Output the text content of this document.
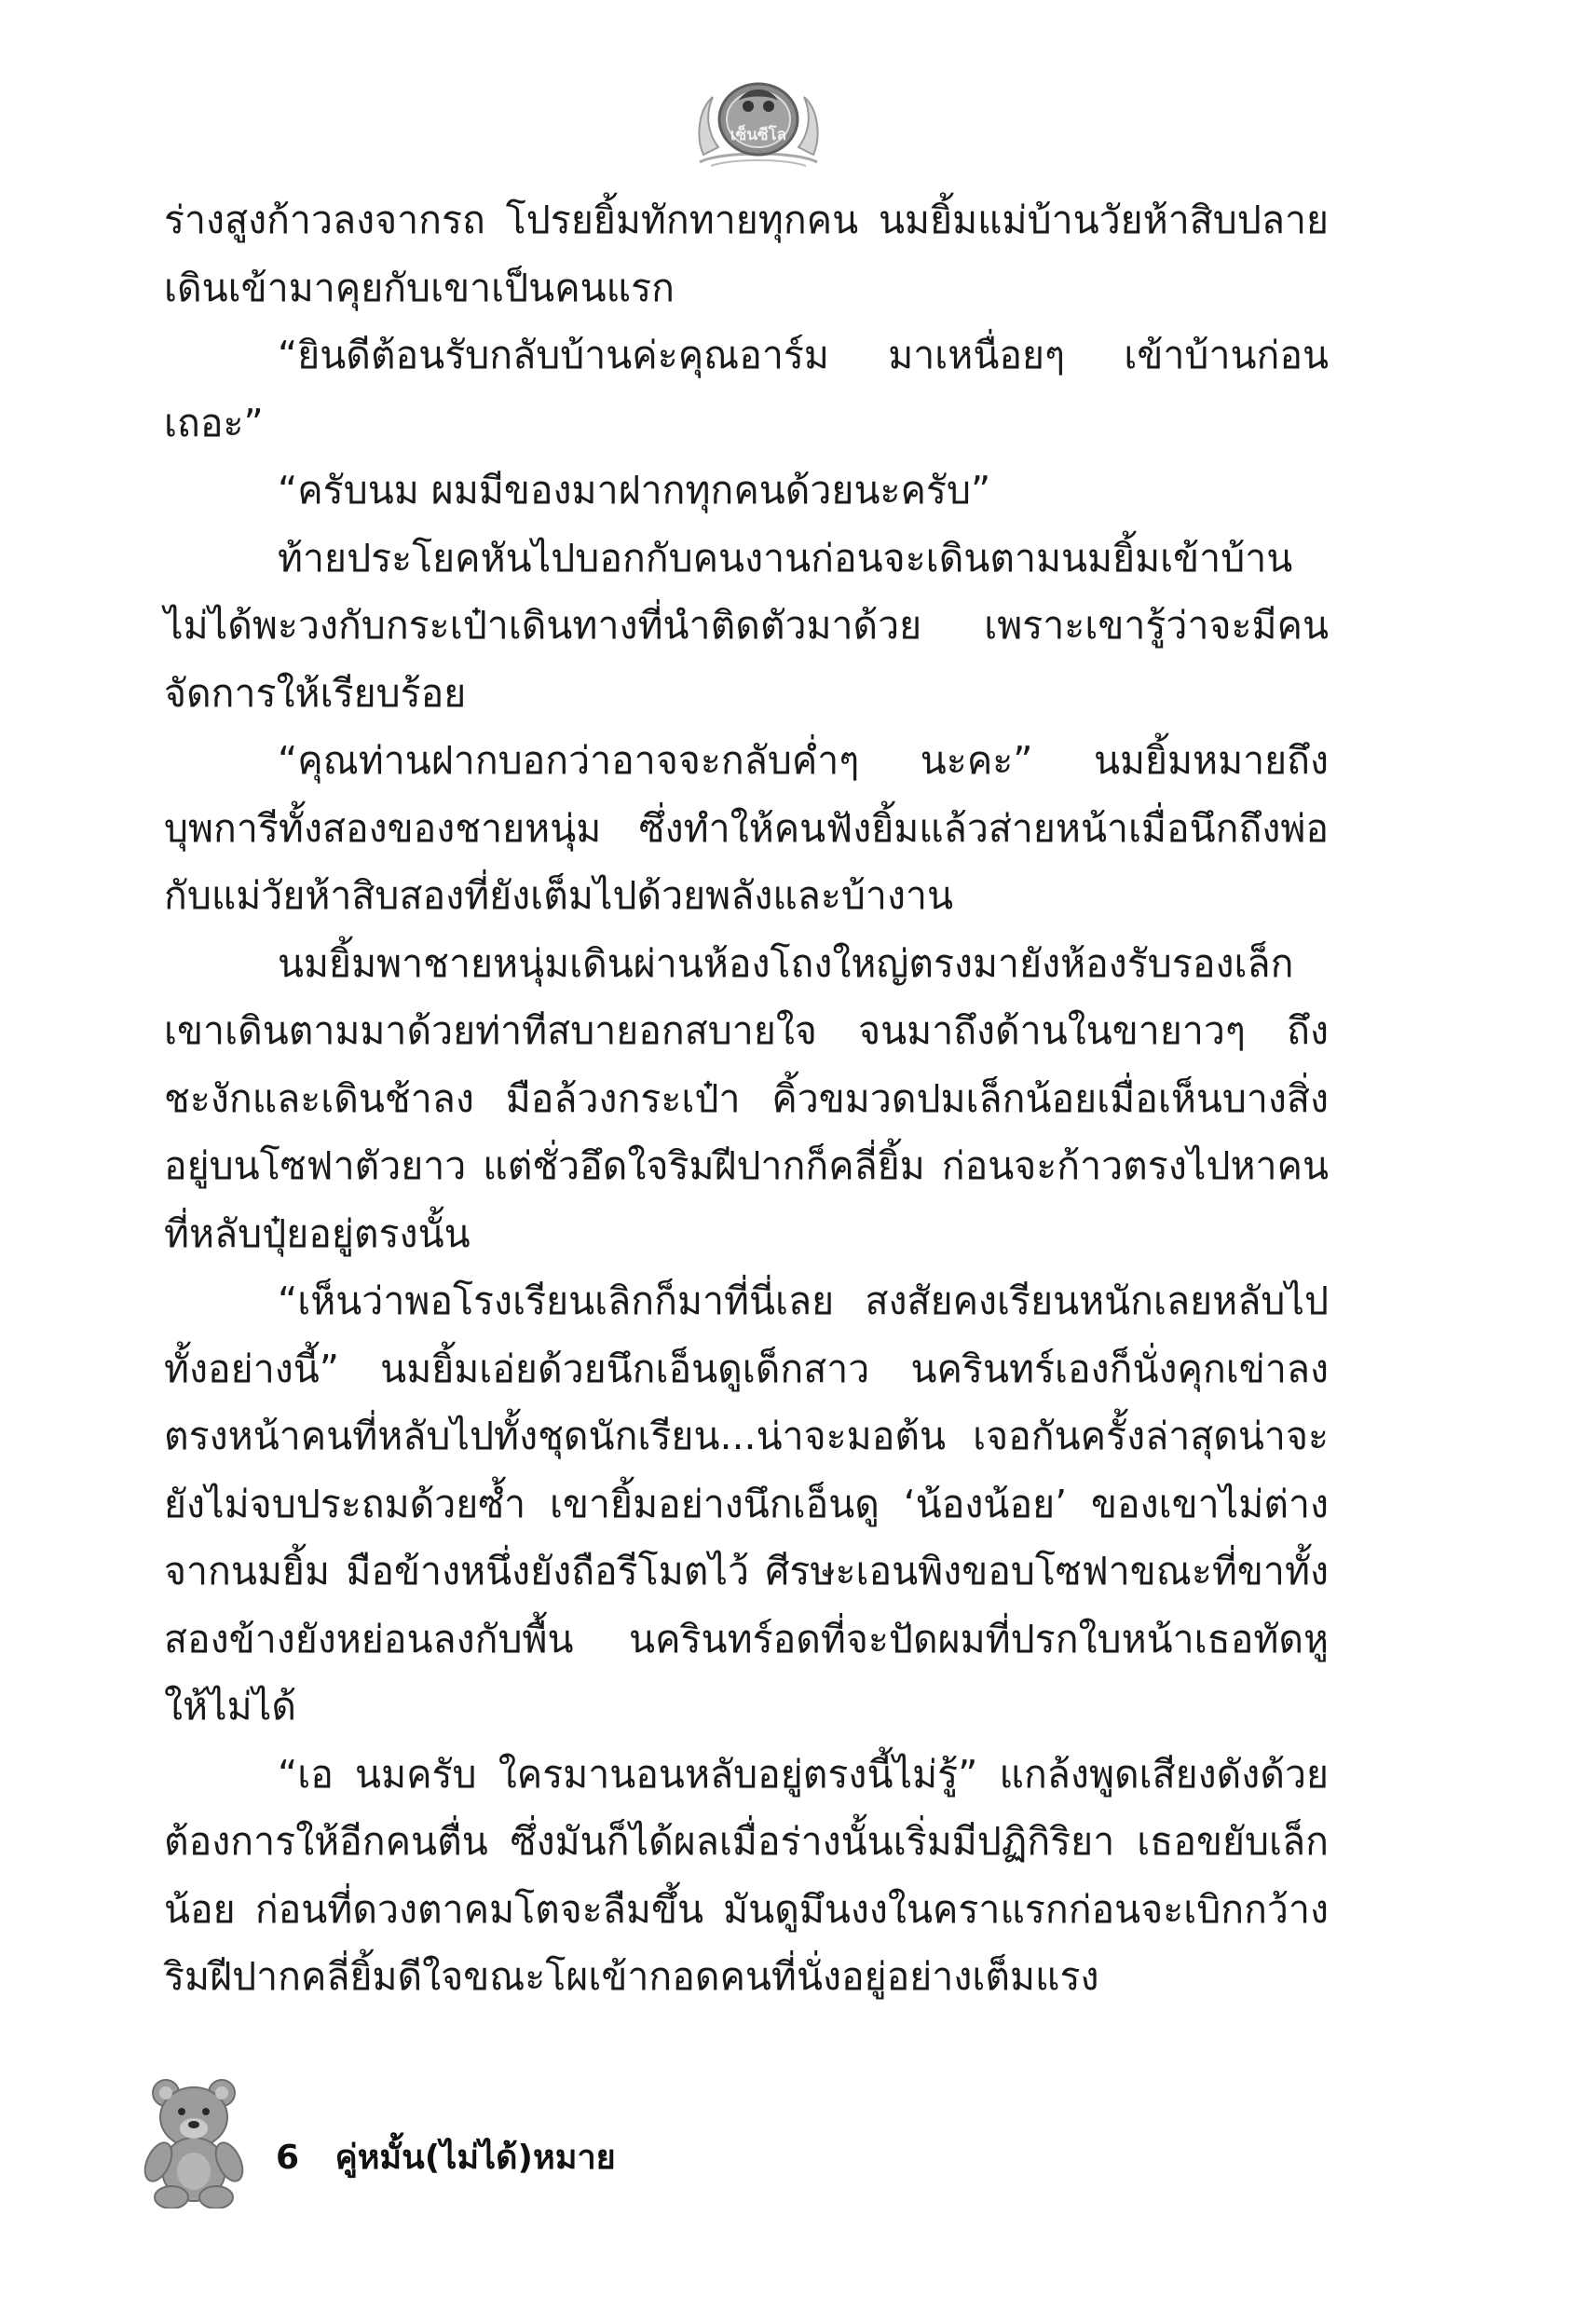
เซ็นซีโล

ร่างสูงก้าวลงจากรถ โปรยยิ้มทักทายทุกคน นมยิ้มแม่บ้านวัยห้าสิบปลายเดินเข้ามาคุยกับเขาเป็นคนแรก

“ยินดีต้อนรับกลับบ้านค่ะคุณอาร์ม มาเหนื่อยๆ เข้าบ้านก่อนเถอะ”

“ครับนม ผมมีของมาฝากทุกคนด้วยนะครับ”

ท้ายประโยคหันไปบอกกับคนงานก่อนจะเดินตามนมยิ้มเข้าบ้าน ไม่ได้พะวงกับกระเป๋าเดินทางที่นำติดตัวมาด้วย เพราะเขารู้ว่าจะมีคนจัดการให้เรียบร้อย

“คุณท่านฝากบอกว่าอาจจะกลับค่ำๆ นะคะ” นมยิ้มหมายถึงบุพการีทั้งสองของชายหนุ่ม ซึ่งทำให้คนฟังยิ้มแล้วส่ายหน้าเมื่อนึกถึงพ่อกับแม่วัยห้าสิบสองที่ยังเต็มไปด้วยพลังและบ้างาน

นมยิ้มพาชายหนุ่มเดินผ่านห้องโถงใหญ่ตรงมายังห้องรับรองเล็ก เขาเดินตามมาด้วยท่าทีสบายอกสบายใจ จนมาถึงด้านในขายาวๆ ถึงชะงักและเดินช้าลง มือล้วงกระเป๋า คิ้วขมวดปมเล็กน้อยเมื่อเห็นบางสิ่งอยู่บนโซฟาตัวยาว แต่ชั่วอึดใจริมฝีปากก็คลี่ยิ้ม ก่อนจะก้าวตรงไปหาคนที่หลับปุ๋ยอยู่ตรงนั้น

“เห็นว่าพอโรงเรียนเลิกก็มาที่นี่เลย สงสัยคงเรียนหนักเลยหลับไปทั้งอย่างนี้” นมยิ้มเอ่ยด้วยนึกเอ็นดูเด็กสาว นครินทร์เองก็นั่งคุกเข่าลงตรงหน้าคนที่หลับไปทั้งชุดนักเรียน...น่าจะมอต้น เจอกันครั้งล่าสุดน่าจะยังไม่จบประถมด้วยซ้ำ เขายิ้มอย่างนึกเอ็นดู ‘น้องน้อย’ ของเขาไม่ต่างจากนมยิ้ม มือข้างหนึ่งยังถือรีโมตไว้ ศีรษะเอนพิงขอบโซฟาขณะที่ขาทั้งสองข้างยังหย่อนลงกับพื้น นครินทร์อดที่จะปัดผมที่ปรกใบหน้าเธอทัดหูให้ไม่ได้

“เอ นมครับ ใครมานอนหลับอยู่ตรงนี้ไม่รู้” แกล้งพูดเสียงดังด้วยต้องการให้อีกคนตื่น ซึ่งมันก็ได้ผลเมื่อร่างนั้นเริ่มมีปฏิกิริยา เธอขยับเล็กน้อย ก่อนที่ดวงตาคมโตจะลืมขึ้น มันดูมึนงงในคราแรกก่อนจะเบิกกว้าง ริมฝีปากคลี่ยิ้มดีใจขณะโผเข้ากอดคนที่นั่งอยู่อย่างเต็มแรง

6 คู่หมั้น(ไม่ได้)หมาย
